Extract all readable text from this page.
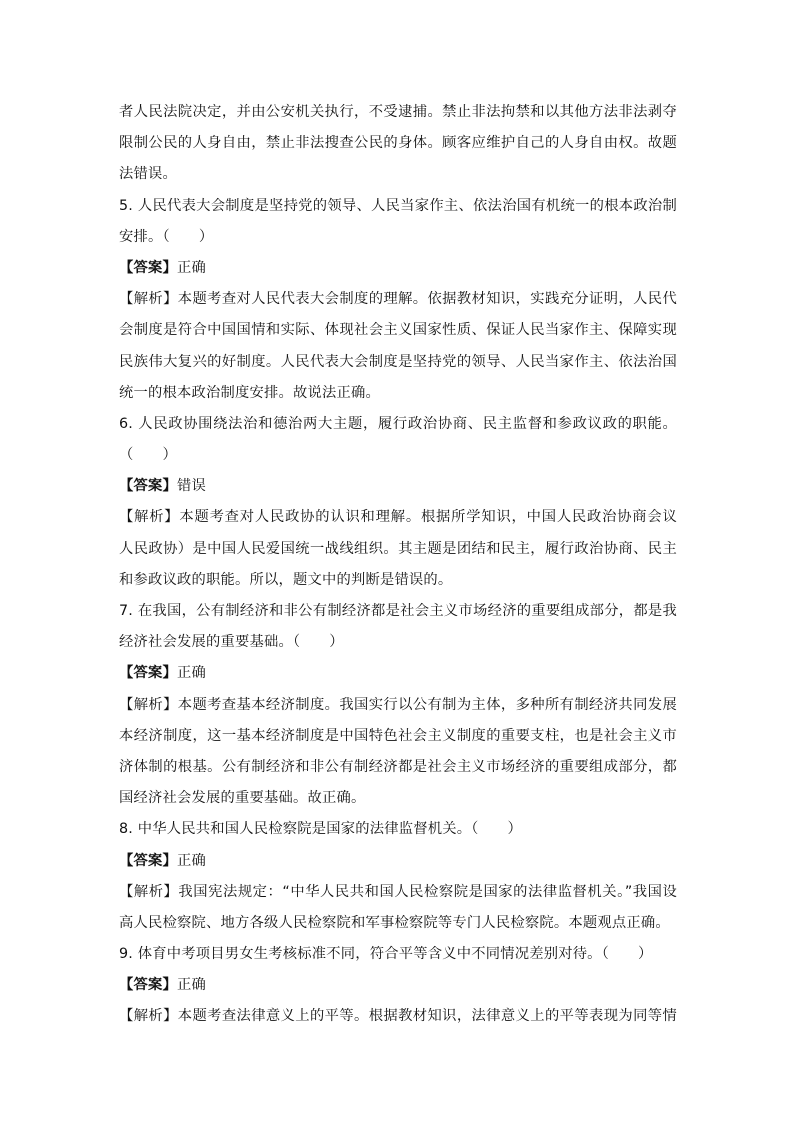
者人民法院决定，并由公安机关执行，不受逮捕。禁止非法拘禁和以其他方法非法剥夺
限制公民的人身自由，禁止非法搜查公民的身体。顾客应维护自己的人身自由权。故题
法错误。
5. 人民代表大会制度是坚持党的领导、人民当家作主、依法治国有机统一的根本政治制
安排。（　　）
【答案】正确
【解析】本题考查对人民代表大会制度的理解。依据教材知识，实践充分证明，人民代
会制度是符合中国国情和实际、体现社会主义国家性质、保证人民当家作主、保障实现
民族伟大复兴的好制度。人民代表大会制度是坚持党的领导、人民当家作主、依法治国
统一的根本政治制度安排。故说法正确。
6. 人民政协围绕法治和德治两大主题，履行政治协商、民主监督和参政议政的职能。
（　　）
【答案】错误
【解析】本题考查对人民政协的认识和理解。根据所学知识，中国人民政治协商会议
人民政协）是中国人民爱国统一战线组织。其主题是团结和民主，履行政治协商、民主
和参政议政的职能。所以，题文中的判断是错误的。
7. 在我国，公有制经济和非公有制经济都是社会主义市场经济的重要组成部分，都是我
经济社会发展的重要基础。（　　）
【答案】正确
【解析】本题考查基本经济制度。我国实行以公有制为主体，多种所有制经济共同发展
本经济制度，这一基本经济制度是中国特色社会主义制度的重要支柱，也是社会主义市
济体制的根基。公有制经济和非公有制经济都是社会主义市场经济的重要组成部分，都
国经济社会发展的重要基础。故正确。
8. 中华人民共和国人民检察院是国家的法律监督机关。（　　）
【答案】正确
【解析】我国宪法规定：“中华人民共和国人民检察院是国家的法律监督机关。”我国设
高人民检察院、地方各级人民检察院和军事检察院等专门人民检察院。本题观点正确。
9. 体育中考项目男女生考核标准不同，符合平等含义中不同情况差别对待。（　　）
【答案】正确
【解析】本题考查法律意义上的平等。根据教材知识，法律意义上的平等表现为同等情
